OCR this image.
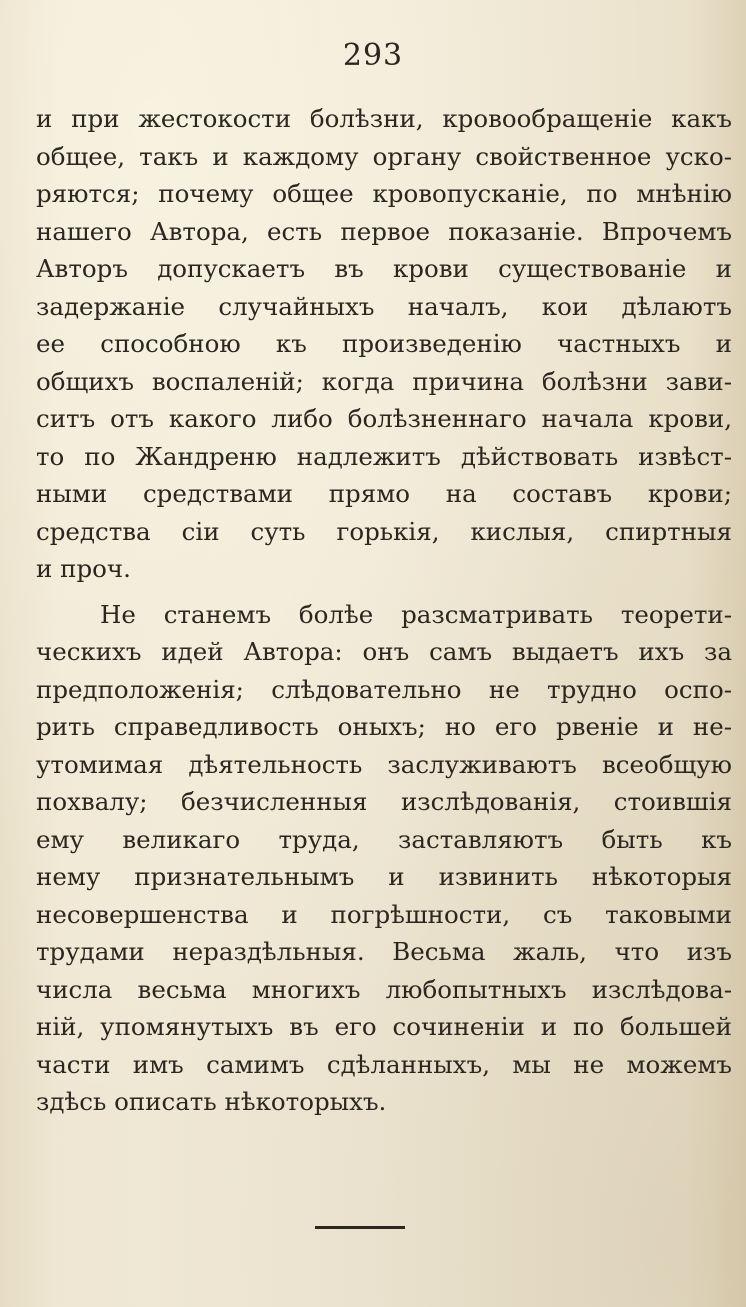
293
и при жестокости болѣзни, кровообращеніе какъ
общее, такъ и каждому органу свойственное уско-
ряются; почему общее кровопусканіе, по мнѣнію
нашего Автора, есть первое показаніе. Впрочемъ
Авторъ допускаетъ въ крови существованіе и
задержаніе случайныхъ началъ, кои дѣлаютъ
ее способною къ произведенію частныхъ и
общихъ воспаленій; когда причина болѣзни зави-
ситъ отъ какого либо болѣзненнаго начала крови,
то по Жандреню надлежитъ дѣйствовать извѣст-
ными средствами прямо на составъ крови;
средства сіи суть горькія, кислыя, спиртныя
и проч.
Не станемъ болѣе разсматривать теорети-
ческихъ идей Автора: онъ самъ выдаетъ ихъ за
предположенія; слѣдовательно не трудно оспо-
рить справедливость оныхъ; но его рвеніе и не-
утомимая дѣятельность заслуживаютъ всеобщую
похвалу; безчисленныя изслѣдованія, стоившія
ему великаго труда, заставляютъ быть къ
нему признательнымъ и извинить нѣкоторыя
несовершенства и погрѣшности, съ таковыми
трудами нераздѣльныя. Весьма жаль, что изъ
числа весьма многихъ любопытныхъ изслѣдова-
ній, упомянутыхъ въ его сочиненіи и по большей
части имъ самимъ сдѣланныхъ, мы не можемъ
здѣсь описать нѣкоторыхъ.
